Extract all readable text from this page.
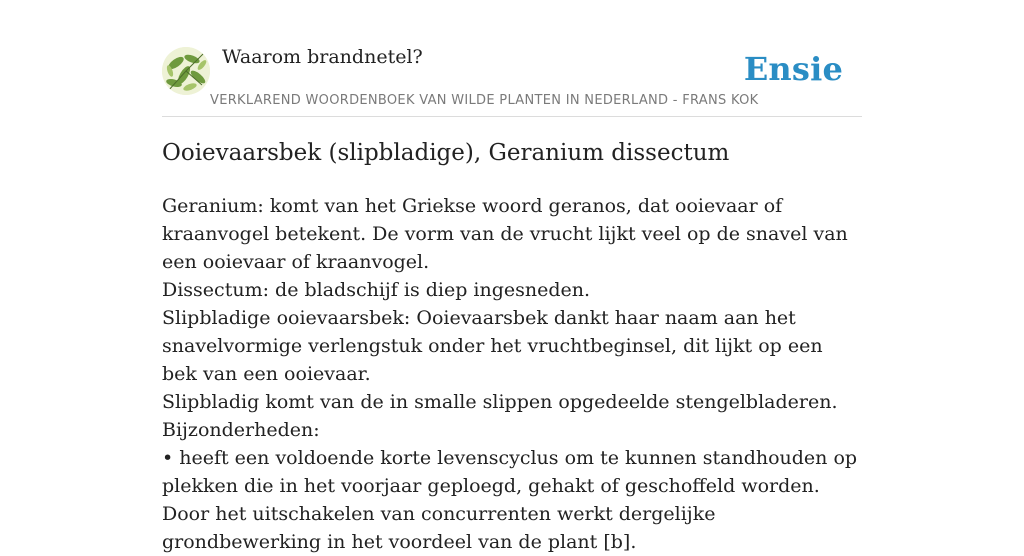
Waarom brandnetel?	Ensie
VERKLAREND WOORDENBOEK VAN WILDE PLANTEN IN NEDERLAND - FRANS KOK
Ooievaarsbek (slipbladige), Geranium dissectum

Geranium: komt van het Griekse woord geranos, dat ooievaar of kraanvogel betekent. De vorm van de vrucht lijkt veel op de snavel van een ooievaar of kraanvogel.

Dissectum: de bladschijf is diep ingesneden.

Slipbladige ooievaarsbek: Ooievaarsbek dankt haar naam aan het snavelvormige verlengstuk onder het vruchtbeginsel, dit lijkt op een bek van een ooievaar.

Slipbladig komt van de in smalle slippen opgedeelde stengelbladeren.

Bijzonderheden:

• heeft een voldoende korte levenscyclus om te kunnen standhouden op plekken die in het voorjaar geploegd, gehakt of geschoffeld worden. Door het uitschakelen van concurrenten werkt dergelijke grondbewerking in het voordeel van de plant [b].
